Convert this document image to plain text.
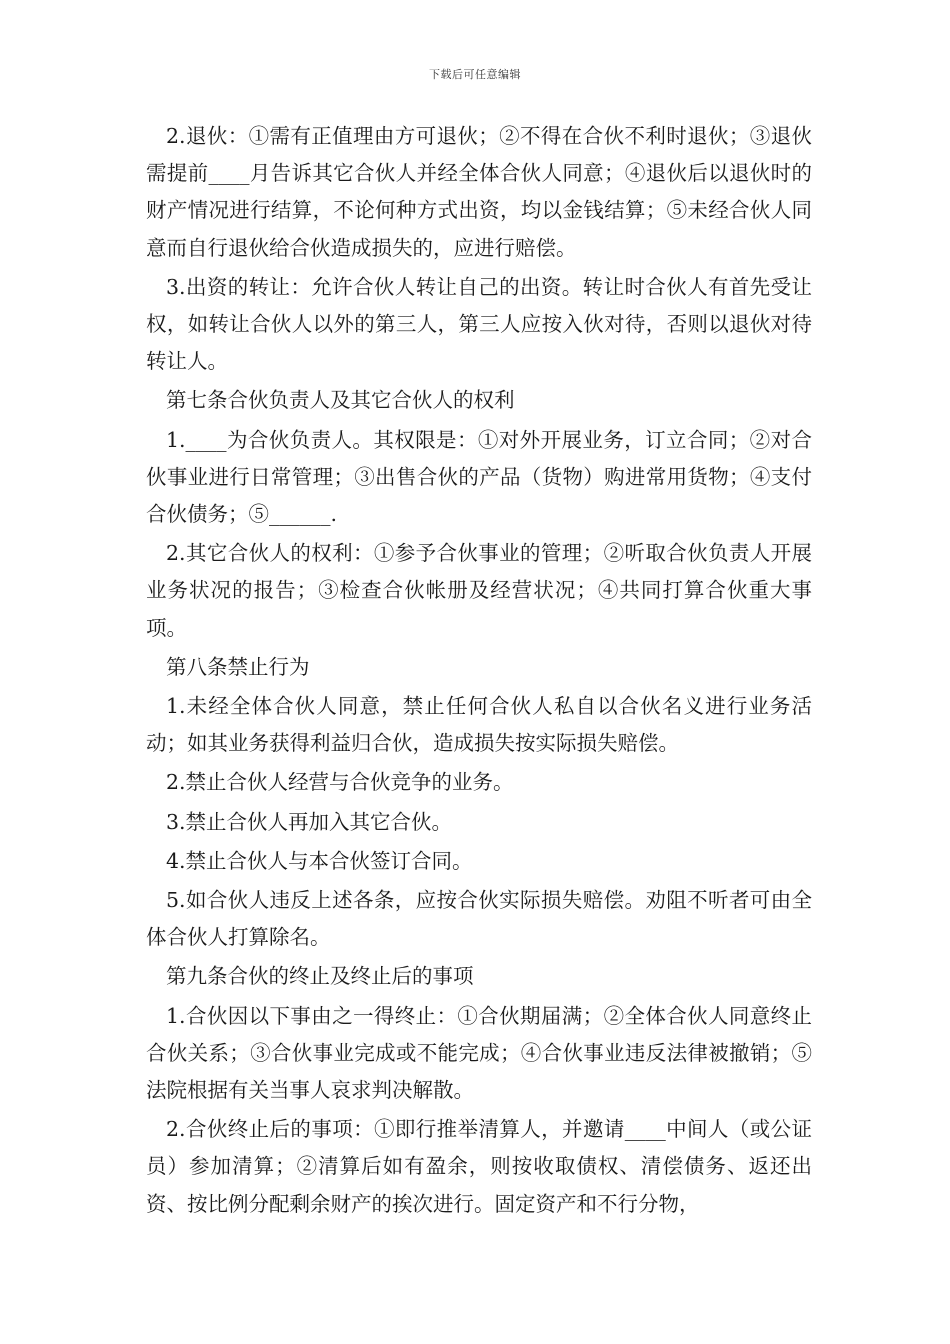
下载后可任意编辑

2.退伙：①需有正值理由方可退伙；②不得在合伙不利时退伙；③退伙需提前____月告诉其它合伙人并经全体合伙人同意；④退伙后以退伙时的财产情况进行结算，不论何种方式出资，均以金钱结算；⑤未经合伙人同意而自行退伙给合伙造成损失的，应进行赔偿。

3.出资的转让：允许合伙人转让自己的出资。转让时合伙人有首先受让权，如转让合伙人以外的第三人，第三人应按入伙对待，否则以退伙对待转让人。

第七条合伙负责人及其它合伙人的权利

1.____为合伙负责人。其权限是：①对外开展业务，订立合同；②对合伙事业进行日常管理；③出售合伙的产品（货物）购进常用货物；④支付合伙债务；⑤______.

2.其它合伙人的权利：①参予合伙事业的管理；②听取合伙负责人开展业务状况的报告；③检查合伙帐册及经营状况；④共同打算合伙重大事项。

第八条禁止行为

1.未经全体合伙人同意，禁止任何合伙人私自以合伙名义进行业务活动；如其业务获得利益归合伙，造成损失按实际损失赔偿。

2.禁止合伙人经营与合伙竞争的业务。

3.禁止合伙人再加入其它合伙。

4.禁止合伙人与本合伙签订合同。

5.如合伙人违反上述各条，应按合伙实际损失赔偿。劝阻不听者可由全体合伙人打算除名。

第九条合伙的终止及终止后的事项

1.合伙因以下事由之一得终止：①合伙期届满；②全体合伙人同意终止合伙关系；③合伙事业完成或不能完成；④合伙事业违反法律被撤销；⑤法院根据有关当事人哀求判决解散。

2.合伙终止后的事项：①即行推举清算人，并邀请____中间人（或公证员）参加清算；②清算后如有盈余，则按收取债权、清偿债务、返还出资、按比例分配剩余财产的挨次进行。固定资产和不行分物，
